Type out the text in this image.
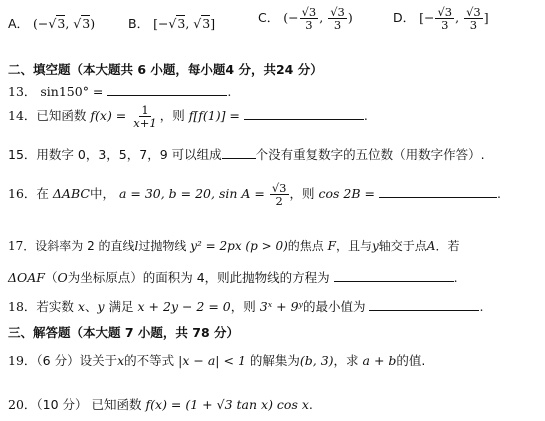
A． (−√3, √3)	B． [−√3, √3]	C． (− $\frac{√3}{3}$ , $\frac{√3}{3}$ )	D． [− $\frac{√3}{3}$ , $\frac{√3}{3}$ ]
二、填空题（本大题共 6 小题，每小题4 分，共24 分）
13． sin150° =	.
14．已知函数 $f(x) = \frac{1}{x+1}$ ，则 f[f(1)] =	.
15．用数字 0，3，5，7，9 可以组成	个没有重复数字的五位数（用数字作答）.
16．在 ΔABC中， a = 30, b = 20, $\sin A = \frac{√3}{2}$ ，则 cos 2B =	.
17．设斜率为 2 的直线l过抛物线 y² = 2px (p > 0)的焦点 F，且与y轴交于点A．若
ΔOAF（O为坐标原点）的面积为 4，则此抛物线的方程为	.
18．若实数 x、y 满足 x + 2y − 2 = 0，则 3ˣ + 9ʸ的最小值为	.
三、解答题（本大题 7 小题，共 78 分）
19．（6 分）设关于x的不等式 |x − a| < 1 的解集为(b, 3)，求 a + b的值.
20．（10 分） 已知函数 f(x) = (1 + √3 tan x) cos x.
